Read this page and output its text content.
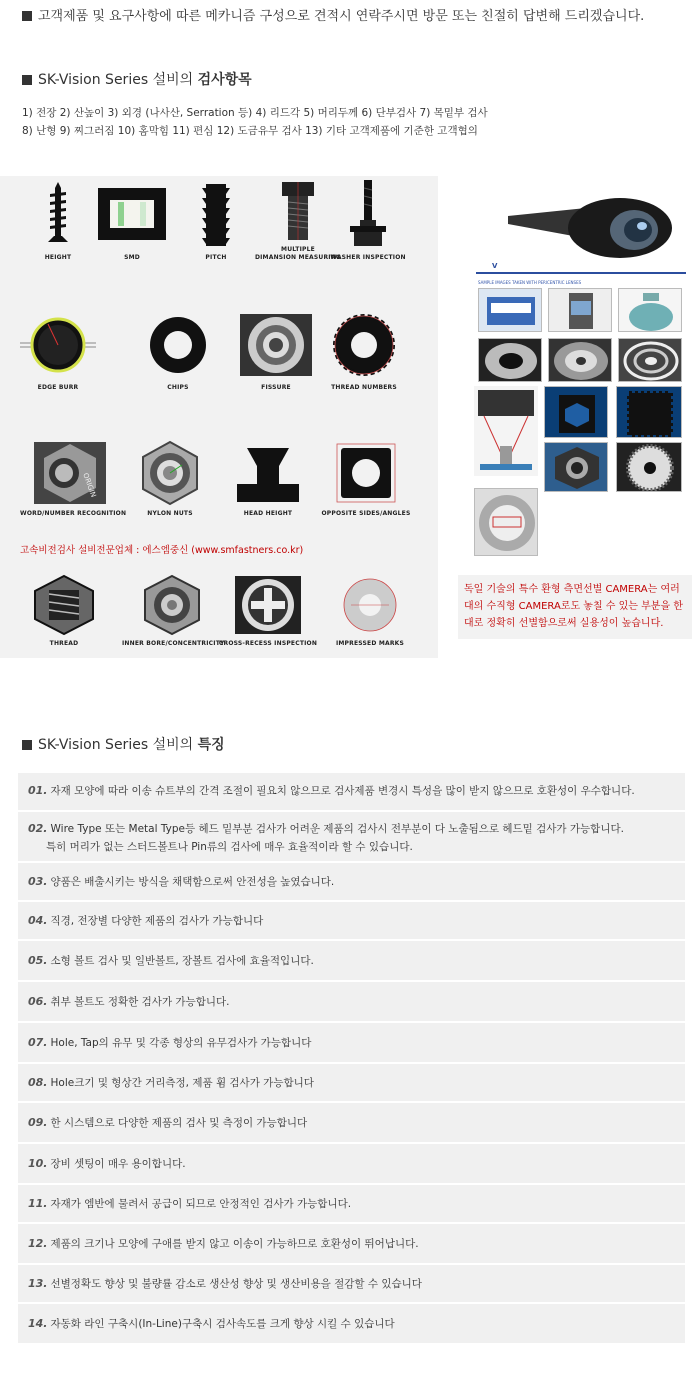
고객제품 및 요구사항에 따른 메카니즘 구성으로 견적시 연락주시면 방문 또는 친절히 답변해 드리겠습니다.
SK-Vision Series 설비의 검사항목
1) 전장 2) 산높이 3) 외경 (나사산, Serration 등) 4) 리드각 5) 머리두께 6) 단부검사 7) 목밑부 검사
8) 난형 9) 찌그러짐 10) 홈막힘 11) 편심 12) 도금유무 검사 13) 기타 고객제품에 기준한 고객협의
HEIGHT	SMD	PITCH
MULTIPLE
DIMANSION MEASURING
WASHER INSPECTION
EDGE BURR	CHIPS	FISSURE	THREAD NUMBERS
ORIGIN
WORD/NUMBER RECOGNITION	NYLON NUTS	HEAD HEIGHT	OPPOSITE SIDES/ANGLES
고속비전검사 설비전문업체 : 에스엠중신 (www.smfastners.co.kr)
THREAD	INNER BORE/CONCENTRICITY
CROSS-RECESS INSPECTION	IMPRESSED MARKS
V
SAMPLE IMAGES TAKEN WITH PERICENTRIC LENSES
독일 기술의 특수 환형 측면선별 CAMERA는 여러대의 수직형 CAMERA로도 놓칠 수 있는 부분을 한대로 정확히 선별함으로써 실용성이 높습니다.
SK-Vision Series 설비의 특징
01. 자재 모양에 따라 이송 슈트부의 간격 조절이 필요치 않으므로 검사제품 변경시 특성을 많이 받지 않으므로 호환성이 우수합니다.
02. Wire Type 또는 Metal Type등 헤드 밑부분 검사가 어려운 제품의 검사시 전부분이 다 노출됨으로 헤드밑 검사가 가능합니다.
특히 머리가 없는 스터드볼트나 Pin류의 검사에 매우 효율적이라 할 수 있습니다.
03. 양품은 배출시키는 방식을 채택함으로써 안전성을 높였습니다.
04. 직경, 전장별 다양한 제품의 검사가 가능합니다
05. 소형 볼트 검사 및 일반볼트, 장볼트 검사에 효율적입니다.
06. 취부 볼트도 정확한 검사가 가능합니다.
07. Hole, Tap의 유무 및 각종 형상의 유무검사가 가능합니다
08. Hole크기 및 형상간 거리측정, 제품 휨 검사가 가능합니다
09. 한 시스템으로 다양한 제품의 검사 및 측정이 가능합니다
10. 장비 셋팅이 매우 용이합니다.
11. 자재가 엠반에 물려서 공급이 되므로 안정적인 검사가 가능합니다.
12. 제품의 크기나 모양에 구애를 받지 않고 이송이 가능하므로 호환성이 뛰어납니다.
13. 선별정확도 향상 및 불량률 감소로 생산성 향상 및 생산비용을 절감할 수 있습니다
14. 자동화 라인 구축시(In-Line)구축시 검사속도를 크게 향상 시킬 수 있습니다
